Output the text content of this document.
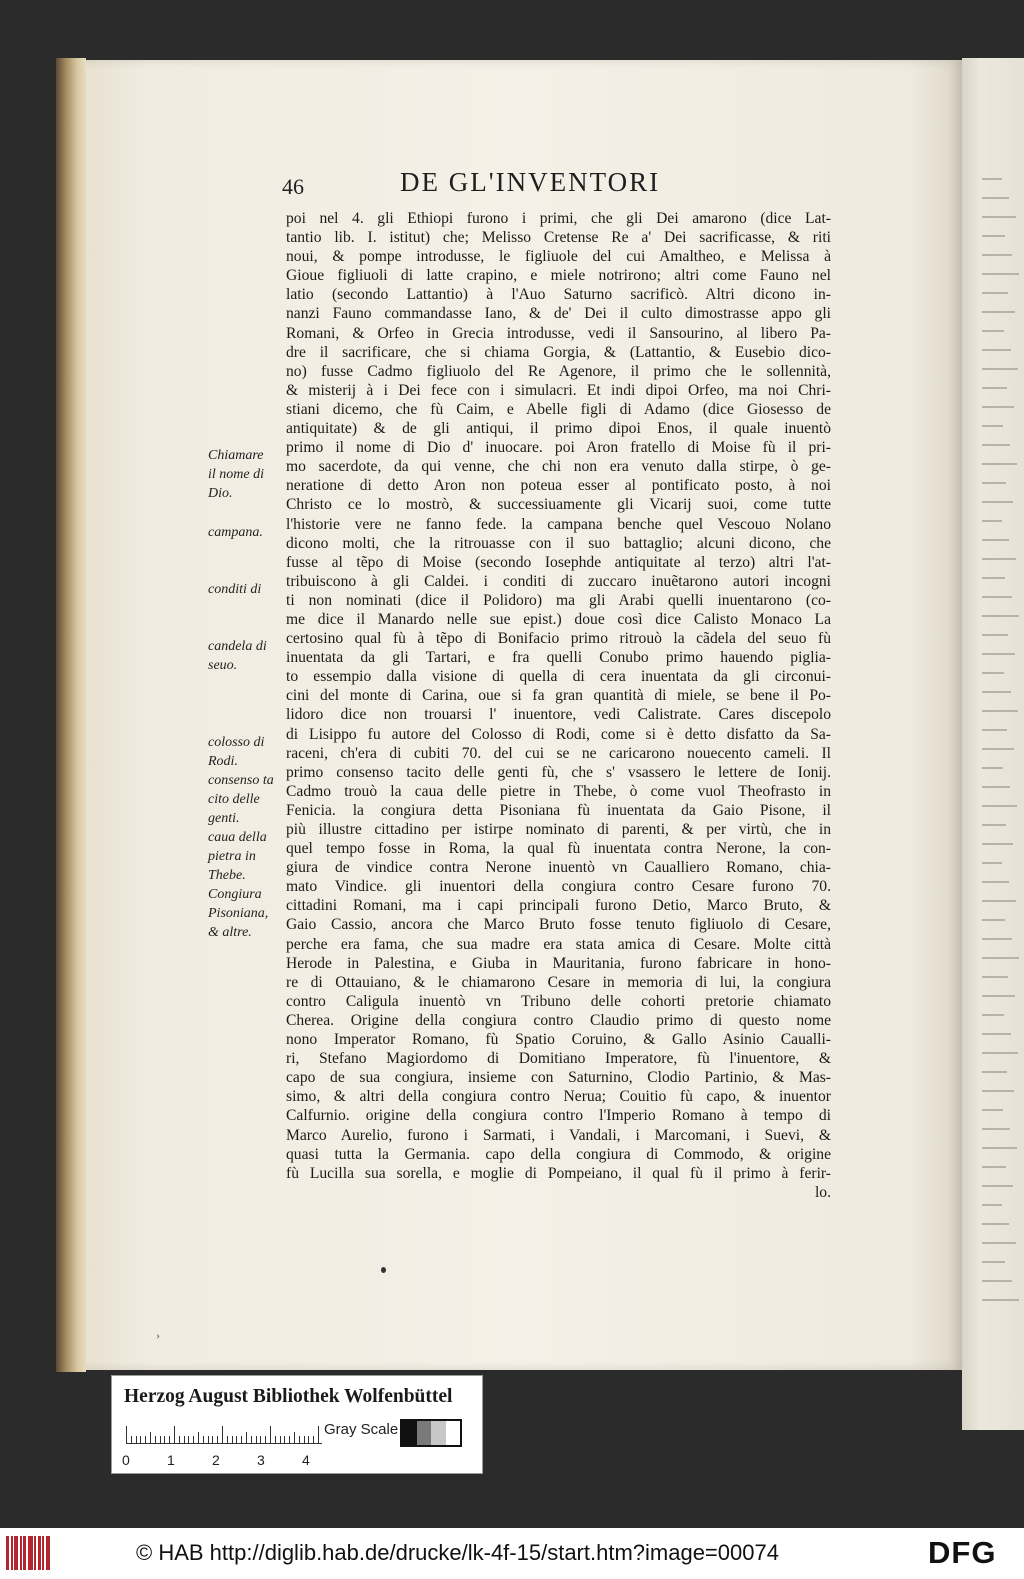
46	DE GL'INVENTORI
poi nel 4. gli Ethiopi furono i primi, che gli Dei amarono (dice Lat-
tantio lib. I. istitut) che; Melisso Cretense Re a' Dei sacrificasse, & riti
noui, & pompe introdusse, le figliuole del cui Amaltheo, e Melissa à
Gioue figliuoli di latte crapino, e miele notrirono; altri come Fauno nel
latio (secondo Lattantio) à l'Auo Saturno sacrificò. Altri dicono in-
nanzi Fauno commandasse Iano, & de' Dei il culto dimostrasse appo gli
Romani, & Orfeo in Grecia introdusse, vedi il Sansourino, al libero Pa-
dre il sacrificare, che si chiama Gorgia, & (Lattantio, & Eusebio dico-
no) fusse Cadmo figliuolo del Re Agenore, il primo che le sollennità,
& misterij à i Dei fece con i simulacri. Et indi dipoi Orfeo, ma noi Chri-
stiani dicemo, che fù Caim, e Abelle figli di Adamo (dice Giosesso de
antiquitate) & de gli antiqui, il primo dipoi Enos, il quale inuentò
primo il nome di Dio d' inuocare. poi Aron fratello di Moise fù il pri-
mo sacerdote, da qui venne, che chi non era venuto dalla stirpe, ò ge-
neratione di detto Aron non poteua esser al pontificato posto, à noi
Christo ce lo mostrò, & successiuamente gli Vicarij suoi, come tutte
l'historie vere ne fanno fede. la campana benche quel Vescouo Nolano
dicono molti, che la ritrouasse con il suo battaglio; alcuni dicono, che
fusse al tẽpo di Moise (secondo Iosephde antiquitate al terzo) altri l'at-
tribuiscono à gli Caldei. i conditi di zuccaro inuẽtarono autori incogni
ti non nominati (dice il Polidoro) ma gli Arabi quelli inuentarono (co-
me dice il Manardo nelle sue epist.) doue così dice Calisto Monaco La
certosino qual fù à tẽpo di Bonifacio primo ritrouò la cãdela del seuo fù
inuentata da gli Tartari, e fra quelli Conubo primo hauendo piglia-
to essempio dalla visione di quella di cera inuentata da gli circonui-
cini del monte di Carina, oue si fa gran quantità di miele, se bene il Po-
lidoro dice non trouarsi l' inuentore, vedi Calistrate. Cares discepolo
di Lisippo fu autore del Colosso di Rodi, come si è detto disfatto da Sa-
raceni, ch'era di cubiti 70. del cui se ne caricarono nouecento cameli. Il
primo consenso tacito delle genti fù, che s' vsassero le lettere de Ionij.
Cadmo trouò la caua delle pietre in Thebe, ò come vuol Theofrasto in
Fenicia. la congiura detta Pisoniana fù inuentata da Gaio Pisone, il
più illustre cittadino per istirpe nominato di parenti, & per virtù, che in
quel tempo fosse in Roma, la qual fù inuentata contra Nerone, la con-
giura de vindice contra Nerone inuentò vn Caualliero Romano, chia-
mato Vindice. gli inuentori della congiura contro Cesare furono 70.
cittadini Romani, ma i capi principali furono Detio, Marco Bruto, &
Gaio Cassio, ancora che Marco Bruto fosse tenuto figliuolo di Cesare,
perche era fama, che sua madre era stata amica di Cesare. Molte città
Herode in Palestina, e Giuba in Mauritania, furono fabricare in hono-
re di Ottauiano, & le chiamarono Cesare in memoria di lui, la congiura
contro Caligula inuentò vn Tribuno delle cohorti pretorie chiamato
Cherea. Origine della congiura contro Claudio primo di questo nome
nono Imperator Romano, fù Spatio Coruino, & Gallo Asinio Caualli-
ri, Stefano Magiordomo di Domitiano Imperatore, fù l'inuentore, &
capo de sua congiura, insieme con Saturnino, Clodio Partinio, & Mas-
simo, & altri della congiura contro Nerua; Couitio fù capo, & inuentor
Calfurnio. origine della congiura contro l'Imperio Romano à tempo di
Marco Aurelio, furono i Sarmati, i Vandali, i Marcomani, i Suevi, &
quasi tutta la Germania. capo della congiura di Commodo, & origine
fù Lucilla sua sorella, e moglie di Pompeiano, il qual fù il primo à ferir-
lo.
Chiamare
il nome di
Dio.
campana.
conditi di
candela di
seuo.
colosso di
Rodi.
consenso ta
cito delle
genti.
caua della
pietra in
Thebe.
Congiura
Pisoniana,
& altre.
›
Herzog August Bibliothek Wolfenbüttel
0	1	2	3	4
Gray Scale
© HAB http://diglib.hab.de/drucke/lk-4f-15/start.htm?image=00074	DFG
